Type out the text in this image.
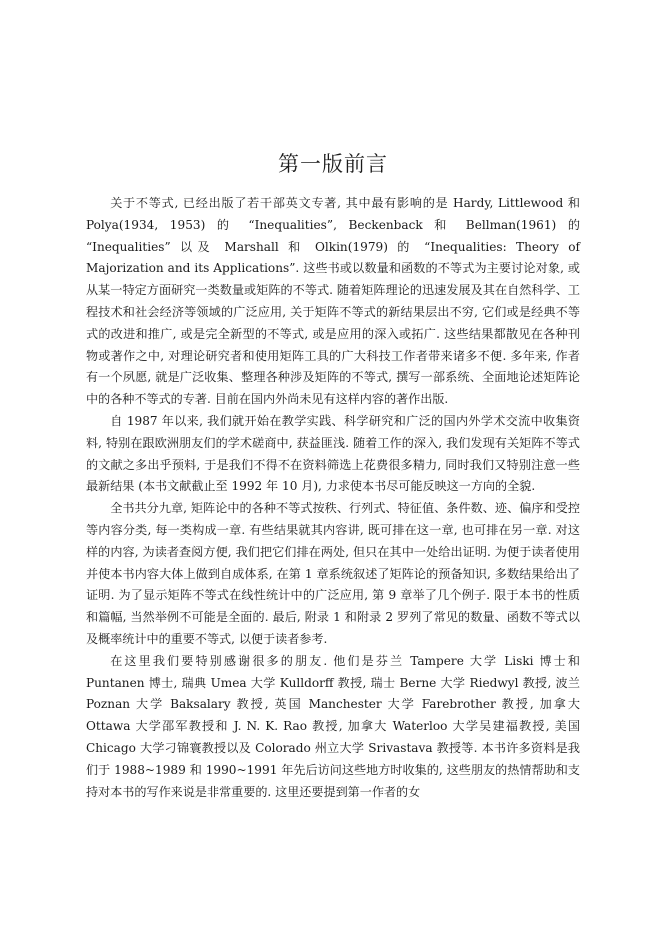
第一版前言

关于不等式, 已经出版了若干部英文专著, 其中最有影响的是 Hardy, Littlewood 和 Polya(1934, 1953) 的 “Inequalities”, Beckenback 和 Bellman(1961) 的 “Inequalities” 以及 Marshall 和 Olkin(1979) 的 “Inequalities: Theory of Majorization and its Applications”. 这些书或以数量和函数的不等式为主要讨论对象, 或从某一特定方面研究一类数量或矩阵的不等式. 随着矩阵理论的迅速发展及其在自然科学、工程技术和社会经济等领域的广泛应用, 关于矩阵不等式的新结果层出不穷, 它们或是经典不等式的改进和推广, 或是完全新型的不等式, 或是应用的深入或拓广. 这些结果都散见在各种刊物或著作之中, 对理论研究者和使用矩阵工具的广大科技工作者带来诸多不便. 多年来, 作者有一个夙愿, 就是广泛收集、整理各种涉及矩阵的不等式, 撰写一部系统、全面地论述矩阵论中的各种不等式的专著. 目前在国内外尚未见有这样内容的著作出版.

自 1987 年以来, 我们就开始在教学实践、科学研究和广泛的国内外学术交流中收集资料, 特别在跟欧洲朋友们的学术磋商中, 获益匪浅. 随着工作的深入, 我们发现有关矩阵不等式的文献之多出乎预料, 于是我们不得不在资料筛选上花费很多精力, 同时我们又特别注意一些最新结果 (本书文献截止至 1992 年 10 月), 力求使本书尽可能反映这一方向的全貌.

全书共分九章, 矩阵论中的各种不等式按秩、行列式、特征值、条件数、迹、偏序和受控等内容分类, 每一类构成一章. 有些结果就其内容讲, 既可排在这一章, 也可排在另一章. 对这样的内容, 为读者查阅方便, 我们把它们排在两处, 但只在其中一处给出证明. 为便于读者使用并使本书内容大体上做到自成体系, 在第 1 章系统叙述了矩阵论的预备知识, 多数结果给出了证明. 为了显示矩阵不等式在线性统计中的广泛应用, 第 9 章举了几个例子. 限于本书的性质和篇幅, 当然举例不可能是全面的. 最后, 附录 1 和附录 2 罗列了常见的数量、函数不等式以及概率统计中的重要不等式, 以便于读者参考.

在这里我们要特别感谢很多的朋友. 他们是芬兰 Tampere 大学 Liski 博士和 Puntanen 博士, 瑞典 Umea 大学 Kulldorff 教授, 瑞士 Berne 大学 Riedwyl 教授, 波兰 Poznan 大学 Baksalary 教授, 英国 Manchester 大学 Farebrother 教授, 加拿大 Ottawa 大学邵军教授和 J. N. K. Rao 教授, 加拿大 Waterloo 大学吴建福教授, 美国 Chicago 大学刁锦寰教授以及 Colorado 州立大学 Srivastava 教授等. 本书许多资料是我们于 1988~1989 和 1990~1991 年先后访问这些地方时收集的, 这些朋友的热情帮助和支持对本书的写作来说是非常重要的. 这里还要提到第一作者的女
